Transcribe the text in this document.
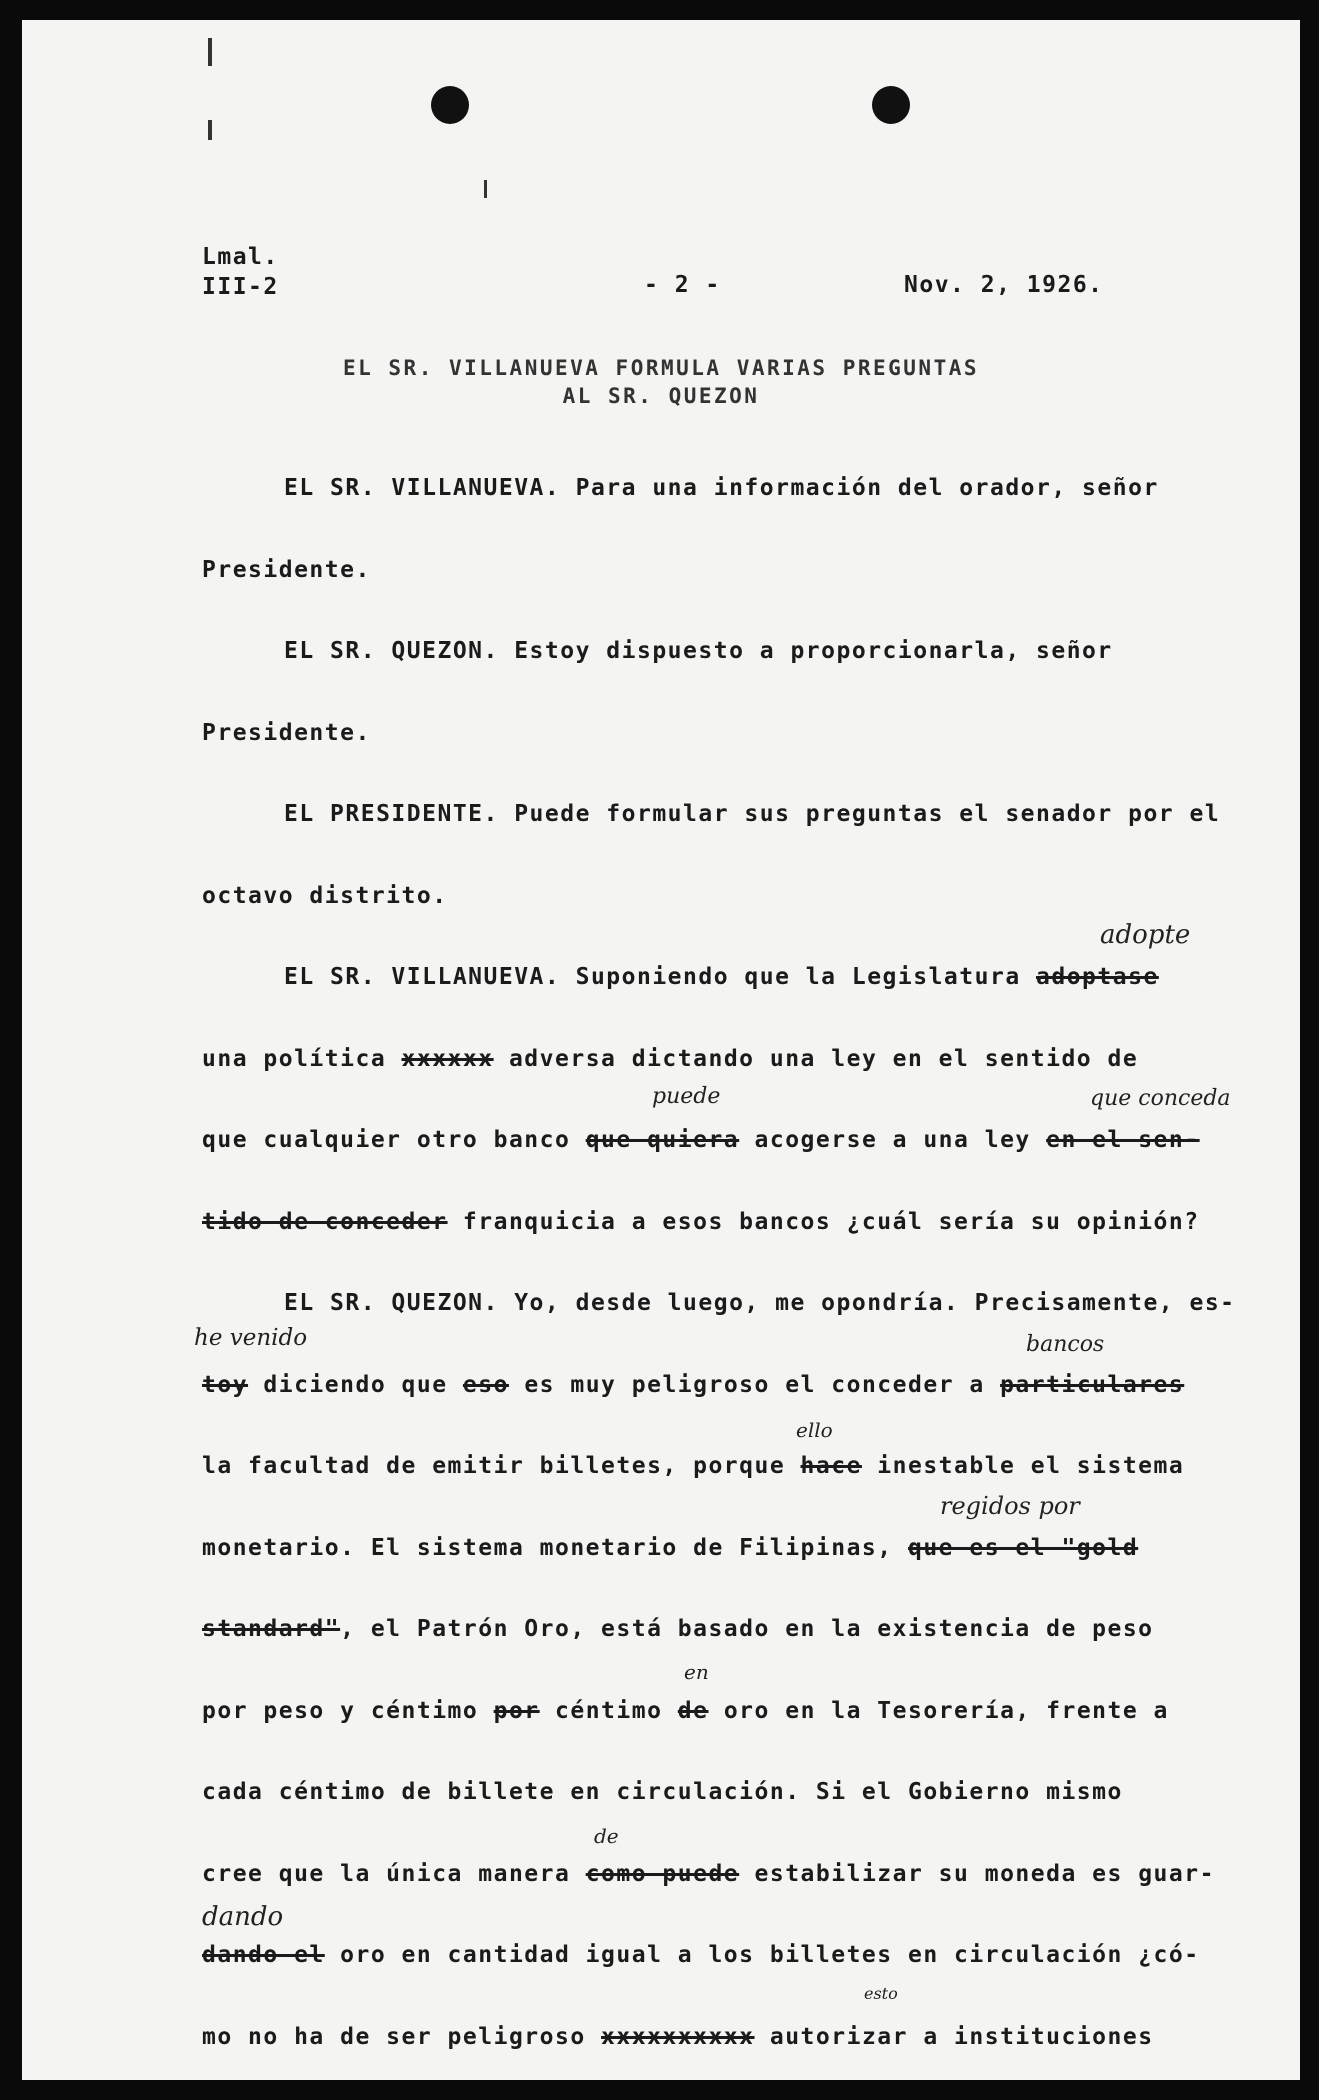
Lmal.
III-2	- 2 -	Nov. 2, 1926.
EL SR. VILLANUEVA FORMULA VARIAS PREGUNTAS
AL SR. QUEZON
EL SR. VILLANUEVA. Para una información del orador, señor
Presidente.
EL SR. QUEZON. Estoy dispuesto a proporcionarla, señor
Presidente.
EL PRESIDENTE. Puede formular sus preguntas el senador por el
octavo distrito.
EL SR. VILLANUEVA. Suponiendo que la Legislatura adoptase
una política xxxxxx adversa dictando una ley en el sentido de
que cualquier otro banco que quiera acogerse a una ley en el sen-
tido de conceder franquicia a esos bancos ¿cuál sería su opinión?
EL SR. QUEZON. Yo, desde luego, me opondría. Precisamente, es-
toy diciendo que eso es muy peligroso el conceder a particulares
la facultad de emitir billetes, porque hace inestable el sistema
monetario. El sistema monetario de Filipinas, que es el "gold
standard", el Patrón Oro, está basado en la existencia de peso
por peso y céntimo por céntimo de oro en la Tesorería, frente a
cada céntimo de billete en circulación. Si el Gobierno mismo
cree que la única manera como puede estabilizar su moneda es guar-
dando el oro en cantidad igual a los billetes en circulación ¿có-
mo no ha de ser peligroso xxxxxxxxxx autorizar a instituciones
adopte
puede	que conceda
he venido	bancos
ello
regidos por
en
de
dando
esto
